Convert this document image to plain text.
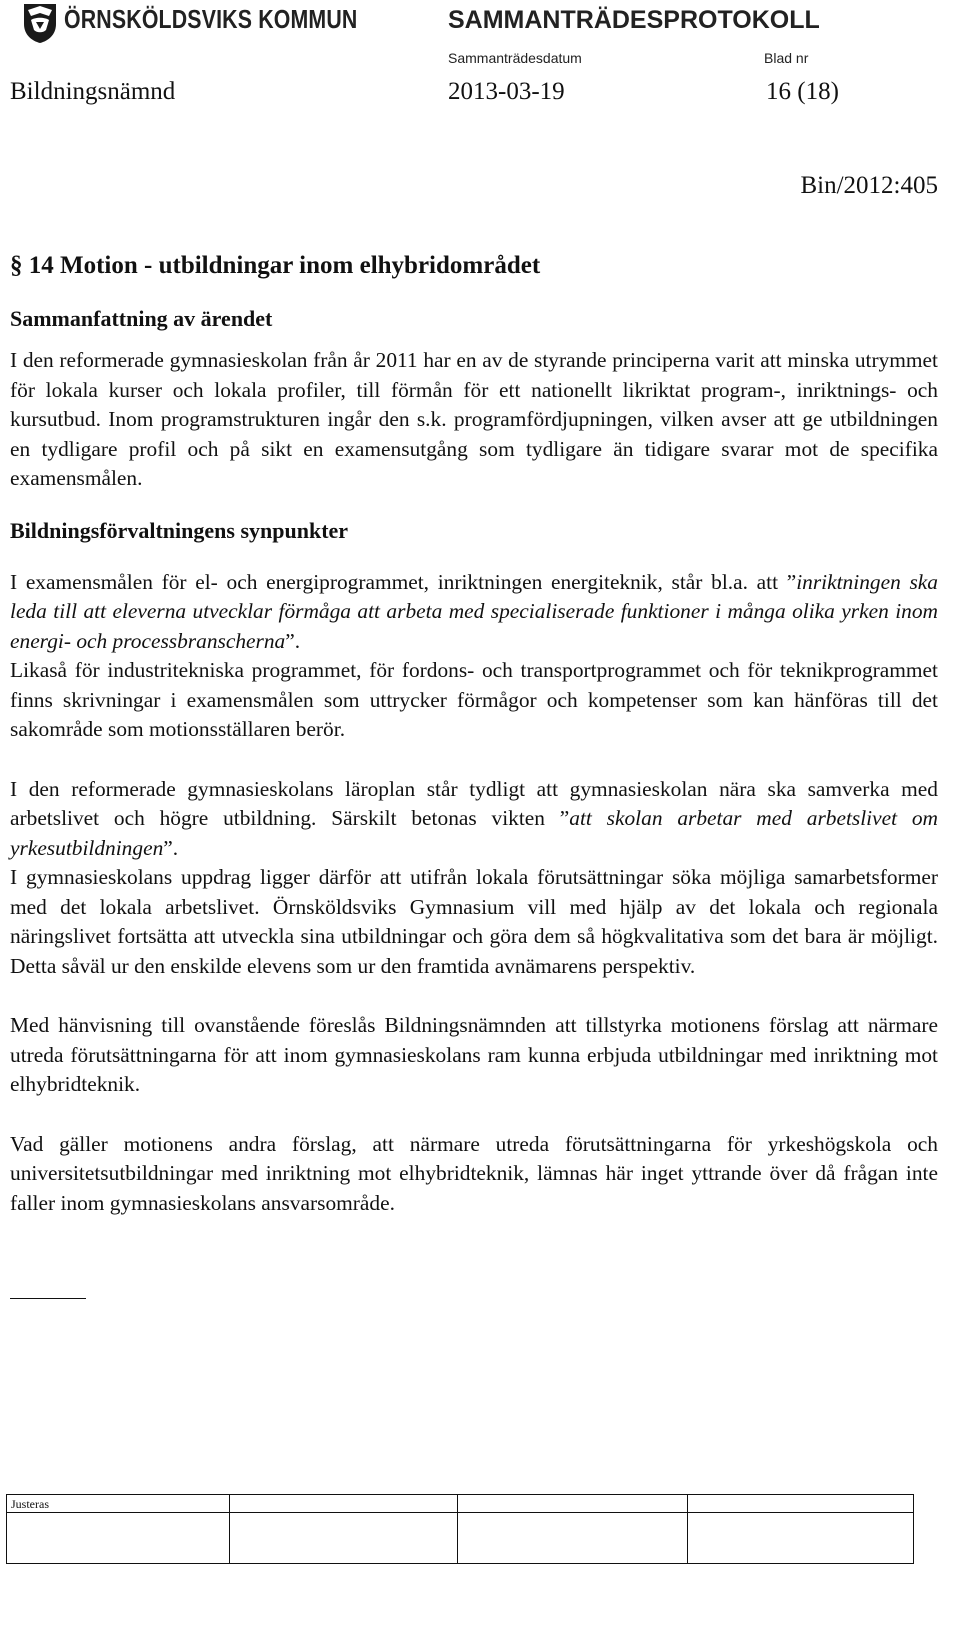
ÖRNSKÖLDSVIKS KOMMUN	SAMMANTRÄDESPROTOKOLL
Sammanträdesdatum	Blad nr
Bildningsnämnd	2013-03-19	16 (18)
Bin/2012:405
§ 14 Motion - utbildningar inom elhybridområdet
Sammanfattning av ärendet

I den reformerade gymnasieskolan från år 2011 har en av de styrande principerna varit att minska utrymmet för lokala kurser och lokala profiler, till förmån för ett nationellt likriktat program-, inriktnings- och kursutbud. Inom programstrukturen ingår den s.k. programfördjupningen, vilken avser att ge utbildningen en tydligare profil och på sikt en examensutgång som tydligare än tidigare svarar mot de specifika examensmålen.

Bildningsförvaltningens synpunkter

I examensmålen för el- och energiprogrammet, inriktningen energiteknik, står bl.a. att ”inriktningen ska leda till att eleverna utvecklar förmåga att arbeta med specialiserade funktioner i många olika yrken inom energi- och processbranscherna”.

Likaså för industritekniska programmet, för fordons- och transportprogrammet och för teknikprogrammet finns skrivningar i examensmålen som uttrycker förmågor och kompetenser som kan hänföras till det sakområde som motionsställaren berör.

I den reformerade gymnasieskolans läroplan står tydligt att gymnasieskolan nära ska samverka med arbetslivet och högre utbildning. Särskilt betonas vikten ”att skolan arbetar med arbetslivet om yrkesutbildningen”.

I gymnasieskolans uppdrag ligger därför att utifrån lokala förutsättningar söka möjliga samarbetsformer med det lokala arbetslivet. Örnsköldsviks Gymnasium vill med hjälp av det lokala och regionala näringslivet fortsätta att utveckla sina utbildningar och göra dem så högkvalitativa som det bara är möjligt. Detta såväl ur den enskilde elevens som ur den framtida avnämarens perspektiv.

Med hänvisning till ovanstående föreslås Bildningsnämnden att tillstyrka motionens förslag att närmare utreda förutsättningarna för att inom gymnasieskolans ram kunna erbjuda utbildningar med inriktning mot elhybridteknik.

Vad gäller motionens andra förslag, att närmare utreda förutsättningarna för yrkeshögskola och universitetsutbildningar med inriktning mot elhybridteknik, lämnas här inget yttrande över då frågan inte faller inom gymnasieskolans ansvarsområde.

Justeras
